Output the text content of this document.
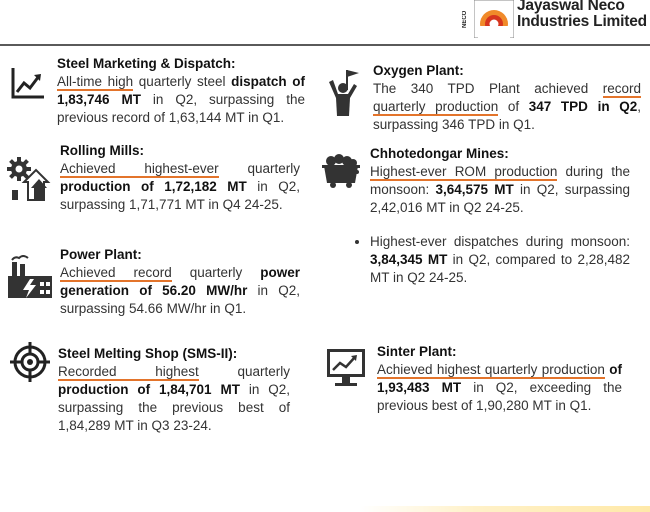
NECO
Jayaswal Neco
Industries Limited
Steel Marketing & Dispatch:
All-time high quarterly steel dispatch of 1,83,746 MT in Q2, surpassing the previous record of 1,63,144 MT in Q1.
Rolling Mills:
Achieved highest-ever quarterly production of 1,72,182 MT in Q2, surpassing 1,71,771 MT in Q4 24-25.
Power Plant:
Achieved record quarterly power generation of 56.20 MW/hr in Q2, surpassing 54.66 MW/hr in Q1.
Steel Melting Shop (SMS-II):
Recorded highest quarterly production of 1,84,701 MT in Q2, surpassing the previous best of 1,84,289 MT in Q3 23-24.
Oxygen Plant:
The 340 TPD Plant achieved record quarterly production of 347 TPD in Q2, surpassing 346 TPD in Q1.
Chhotedongar Mines:
• Highest-ever ROM production during the monsoon: 3,64,575 MT in Q2, surpassing 2,42,016 MT in Q2 24-25.
• Highest-ever dispatches during monsoon: 3,84,345 MT in Q2, compared to 2,28,482 MT in Q2 24-25.
Sinter Plant:
Achieved highest quarterly production of 1,93,483 MT in Q2, exceeding the previous best of 1,90,280 MT in Q1.
